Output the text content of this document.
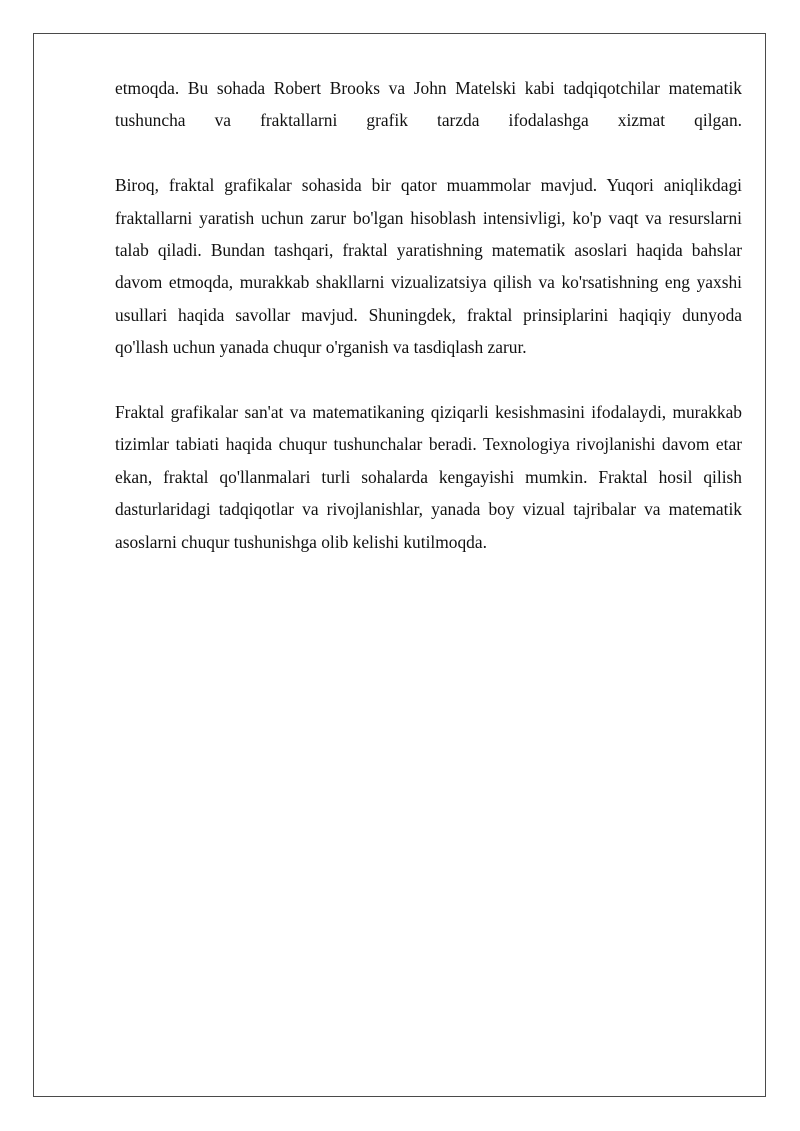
etmoqda. Bu sohada Robert Brooks va John Matelski kabi tadqiqotchilar matematik tushuncha va fraktallarni grafik tarzda ifodalashga xizmat qilgan.

Biroq, fraktal grafikalar sohasida bir qator muammolar mavjud. Yuqori aniqlikdagi fraktallarni yaratish uchun zarur bo'lgan hisoblash intensivligi, ko'p vaqt va resurslarni talab qiladi. Bundan tashqari, fraktal yaratishning matematik asoslari haqida bahslar davom etmoqda, murakkab shakllarni vizualizatsiya qilish va ko'rsatishning eng yaxshi usullari haqida savollar mavjud. Shuningdek, fraktal prinsiplarini haqiqiy dunyoda qo'llash uchun yanada chuqur o'rganish va tasdiqlash zarur.

Fraktal grafikalar san'at va matematikaning qiziqarli kesishmasini ifodalaydi, murakkab tizimlar tabiati haqida chuqur tushunchalar beradi. Texnologiya rivojlanishi davom etar ekan, fraktal qo'llanmalari turli sohalarda kengayishi mumkin. Fraktal hosil qilish dasturlaridagi tadqiqotlar va rivojlanishlar, yanada boy vizual tajribalar va matematik asoslarni chuqur tushunishga olib kelishi kutilmoqda.
